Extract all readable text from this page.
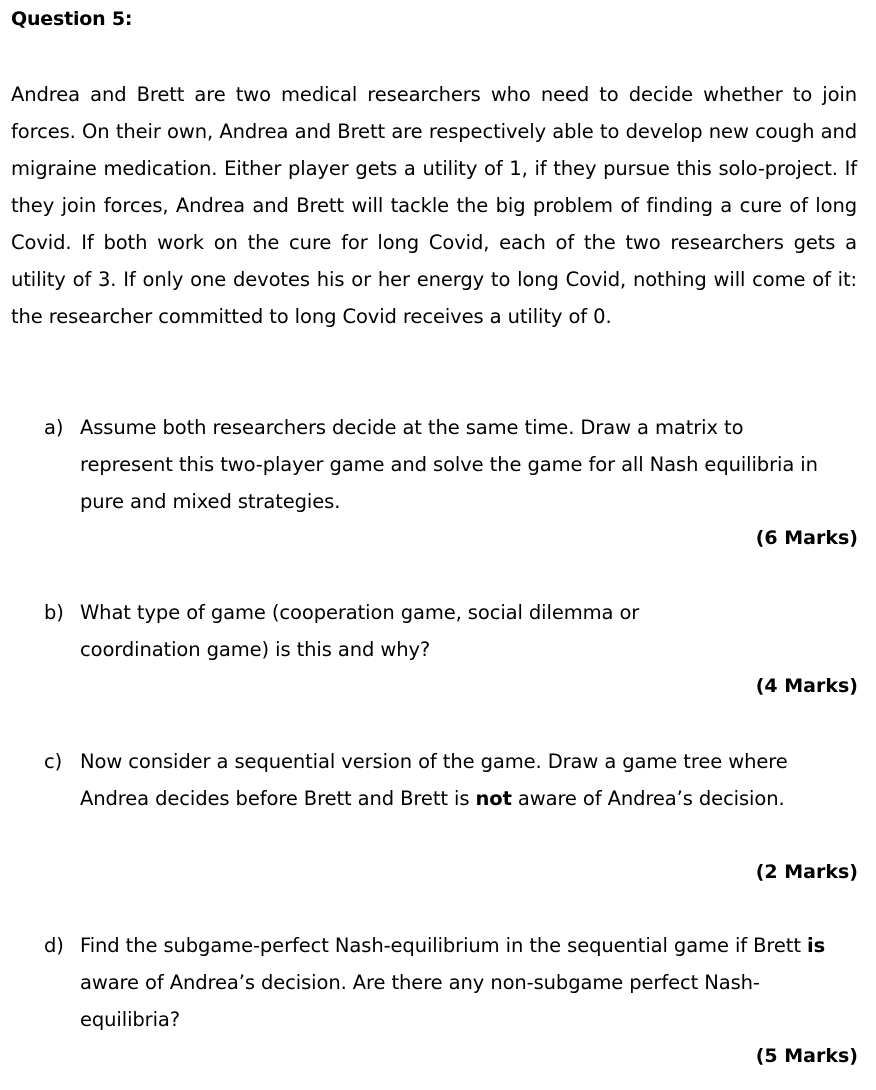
Question 5:
Andrea and Brett are two medical researchers who need to decide whether to join forces. On their own, Andrea and Brett are respectively able to develop new cough and migraine medication. Either player gets a utility of 1, if they pursue this solo-project. If they join forces, Andrea and Brett will tackle the big problem of finding a cure of long Covid. If both work on the cure for long Covid, each of the two researchers gets a utility of 3. If only one devotes his or her energy to long Covid, nothing will come of it: the researcher committed to long Covid receives a utility of 0.
a) Assume both researchers decide at the same time. Draw a matrix to represent this two-player game and solve the game for all Nash equilibria in pure and mixed strategies.
(6 Marks)
b) What type of game (cooperation game, social dilemma or coordination game) is this and why?
(4 Marks)
c) Now consider a sequential version of the game. Draw a game tree where Andrea decides before Brett and Brett is not aware of Andrea’s decision.
(2 Marks)
d) Find the subgame-perfect Nash-equilibrium in the sequential game if Brett is aware of Andrea’s decision. Are there any non-subgame perfect Nash-equilibria?
(5 Marks)
